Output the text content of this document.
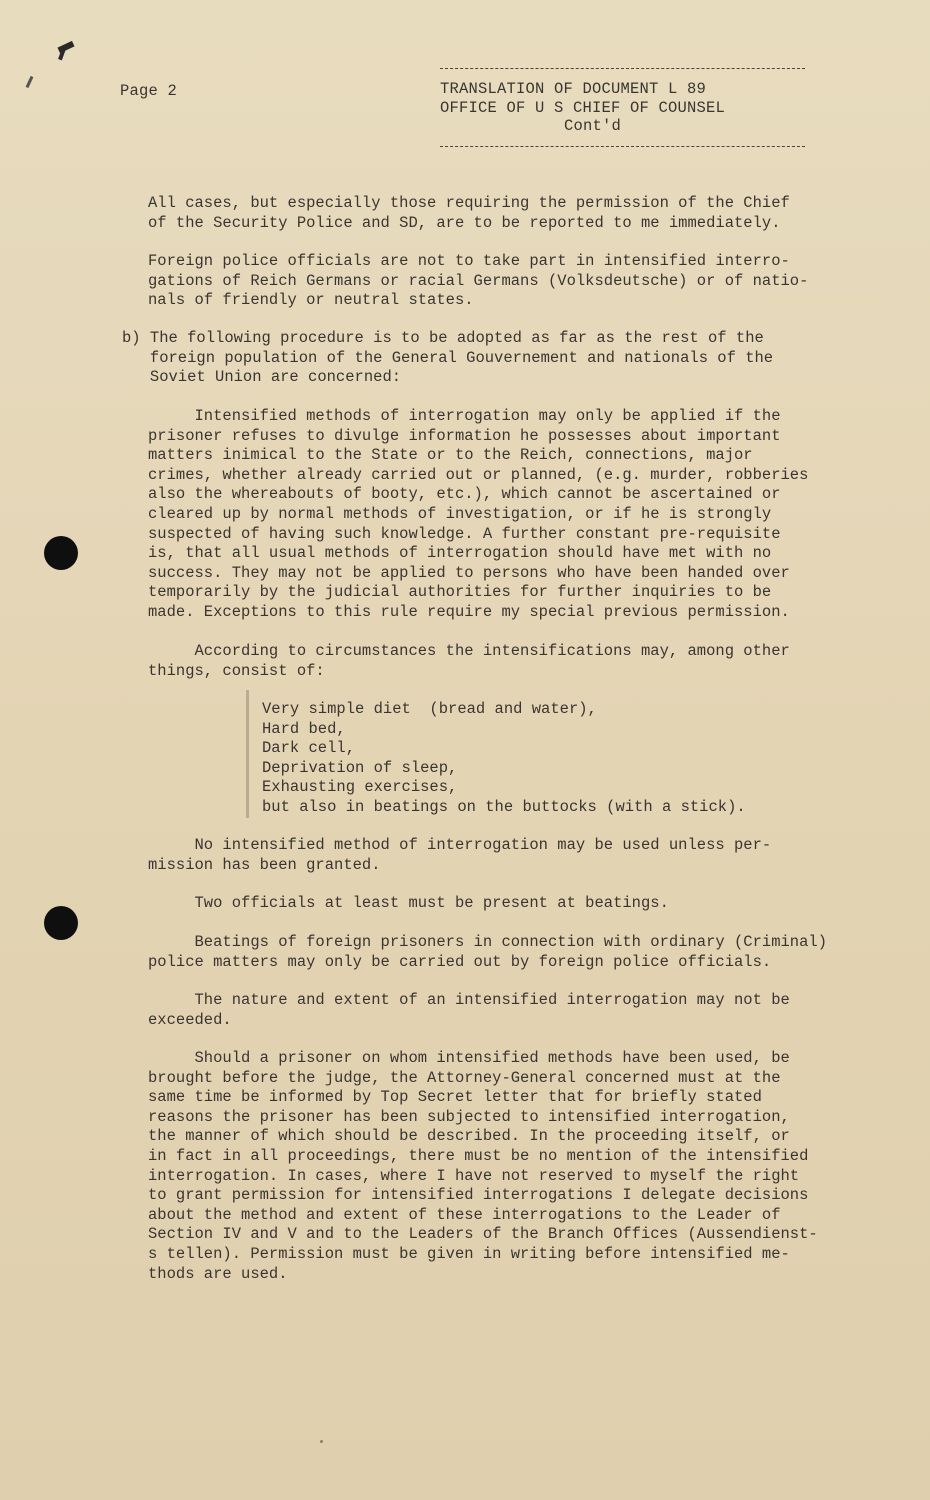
Page 2	TRANSLATION OF DOCUMENT L 89
OFFICE OF U S CHIEF OF COUNSEL
Cont'd
All cases, but especially those requiring the permission of the Chief
of the Security Police and SD, are to be reported to me immediately.
Foreign police officials are not to take part in intensified interro-
gations of Reich Germans or racial Germans (Volksdeutsche) or of natio-
nals of friendly or neutral states.
b) The following procedure is to be adopted as far as the rest of the
foreign population of the General Gouvernement and nationals of the
Soviet Union are concerned:
Intensified methods of interrogation may only be applied if the
prisoner refuses to divulge information he possesses about important
matters inimical to the State or to the Reich, connections, major
crimes, whether already carried out or planned, (e.g. murder, robberies
also the whereabouts of booty, etc.), which cannot be ascertained or
cleared up by normal methods of investigation, or if he is strongly
suspected of having such knowledge. A further constant pre-requisite
is, that all usual methods of interrogation should have met with no
success. They may not be applied to persons who have been handed over
temporarily by the judicial authorities for further inquiries to be
made. Exceptions to this rule require my special previous permission.
According to circumstances the intensifications may, among other
things, consist of:
Very simple diet  (bread and water),
Hard bed,
Dark cell,
Deprivation of sleep,
Exhausting exercises,
but also in beatings on the buttocks (with a stick).
No intensified method of interrogation may be used unless per-
mission has been granted.
Two officials at least must be present at beatings.
Beatings of foreign prisoners in connection with ordinary (Criminal)
police matters may only be carried out by foreign police officials.
The nature and extent of an intensified interrogation may not be
exceeded.
Should a prisoner on whom intensified methods have been used, be
brought before the judge, the Attorney-General concerned must at the
same time be informed by Top Secret letter that for briefly stated
reasons the prisoner has been subjected to intensified interrogation,
the manner of which should be described. In the proceeding itself, or
in fact in all proceedings, there must be no mention of the intensified
interrogation. In cases, where I have not reserved to myself the right
to grant permission for intensified interrogations I delegate decisions
about the method and extent of these interrogations to the Leader of
Section IV and V and to the Leaders of the Branch Offices (Aussendienst-
s tellen). Permission must be given in writing before intensified me-
thods are used.
